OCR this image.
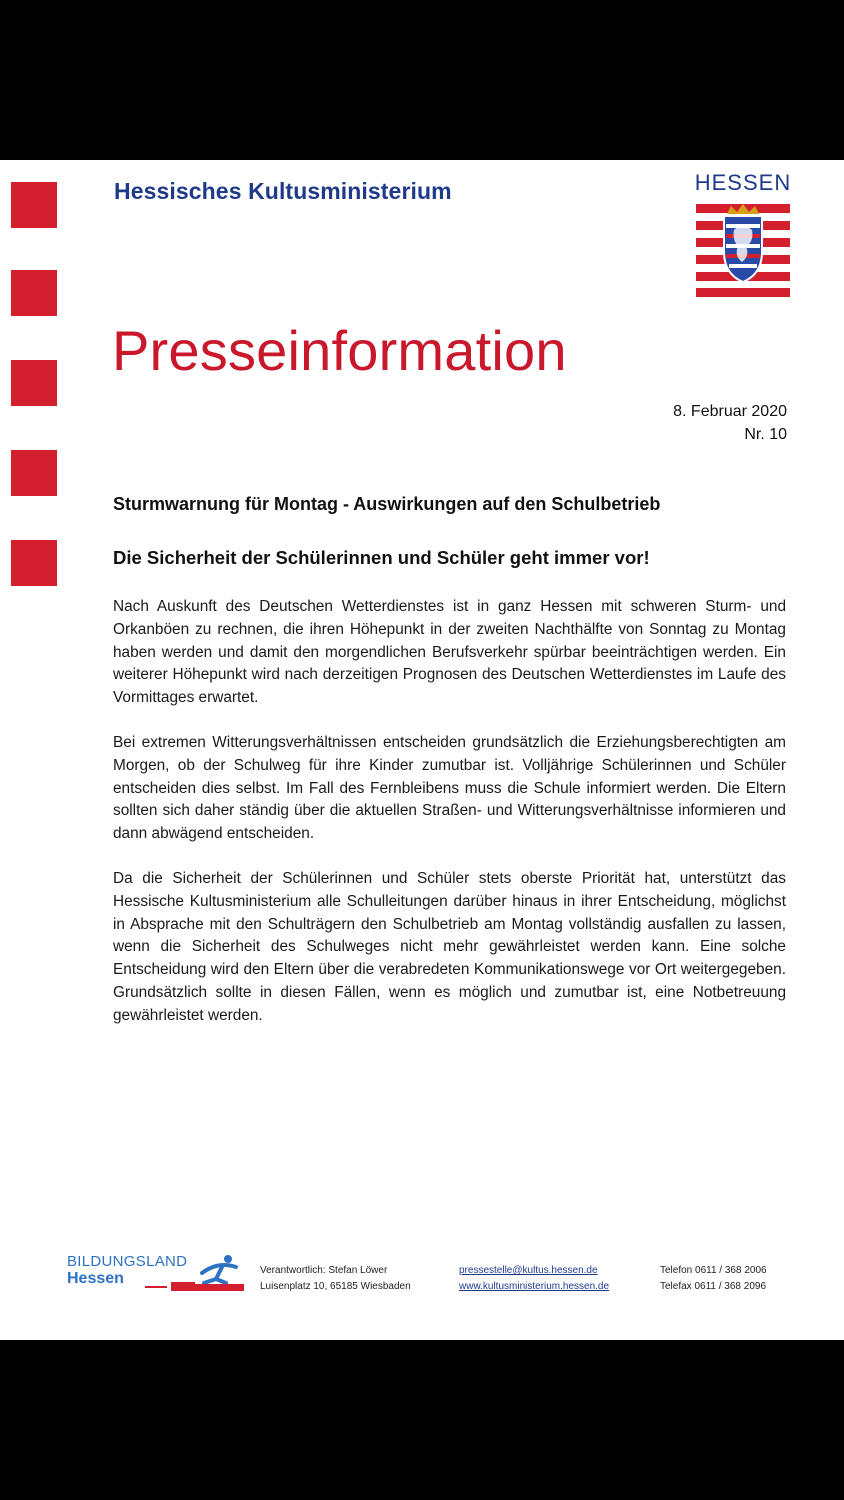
Hessisches Kultusministerium	HESSEN
Presseinformation
8. Februar 2020
Nr. 10
Sturmwarnung für Montag - Auswirkungen auf den Schulbetrieb
Die Sicherheit der Schülerinnen und Schüler geht immer vor!

Nach Auskunft des Deutschen Wetterdienstes ist in ganz Hessen mit schweren Sturm- und Orkanböen zu rechnen, die ihren Höhepunkt in der zweiten Nachthälfte von Sonntag zu Montag haben werden und damit den morgendlichen Berufsverkehr spürbar beeinträchtigen werden. Ein weiterer Höhepunkt wird nach derzeitigen Prognosen des Deutschen Wetterdienstes im Laufe des Vormittages erwartet.

Bei extremen Witterungsverhältnissen entscheiden grundsätzlich die Erziehungsberechtigten am Morgen, ob der Schulweg für ihre Kinder zumutbar ist. Volljährige Schülerinnen und Schüler entscheiden dies selbst. Im Fall des Fernbleibens muss die Schule informiert werden. Die Eltern sollten sich daher ständig über die aktuellen Straßen- und Witterungsverhältnisse informieren und dann abwägend entscheiden.

Da die Sicherheit der Schülerinnen und Schüler stets oberste Priorität hat, unterstützt das Hessische Kultusministerium alle Schulleitungen darüber hinaus in ihrer Entscheidung, möglichst in Absprache mit den Schulträgern den Schulbetrieb am Montag vollständig ausfallen zu lassen, wenn die Sicherheit des Schulweges nicht mehr gewährleistet werden kann. Eine solche Entscheidung wird den Eltern über die verabredeten Kommunikationswege vor Ort weitergegeben. Grundsätzlich sollte in diesen Fällen, wenn es möglich und zumutbar ist, eine Notbetreuung gewährleistet werden.

BILDUNGSLAND
Hessen	Verantwortlich: Stefan Löwer
Luisenplatz 10, 65185 Wiesbaden
pressestelle@kultus.hessen.de
www.kultusministerium.hessen.de
Telefon 0611 / 368 2006
Telefax 0611 / 368 2096
